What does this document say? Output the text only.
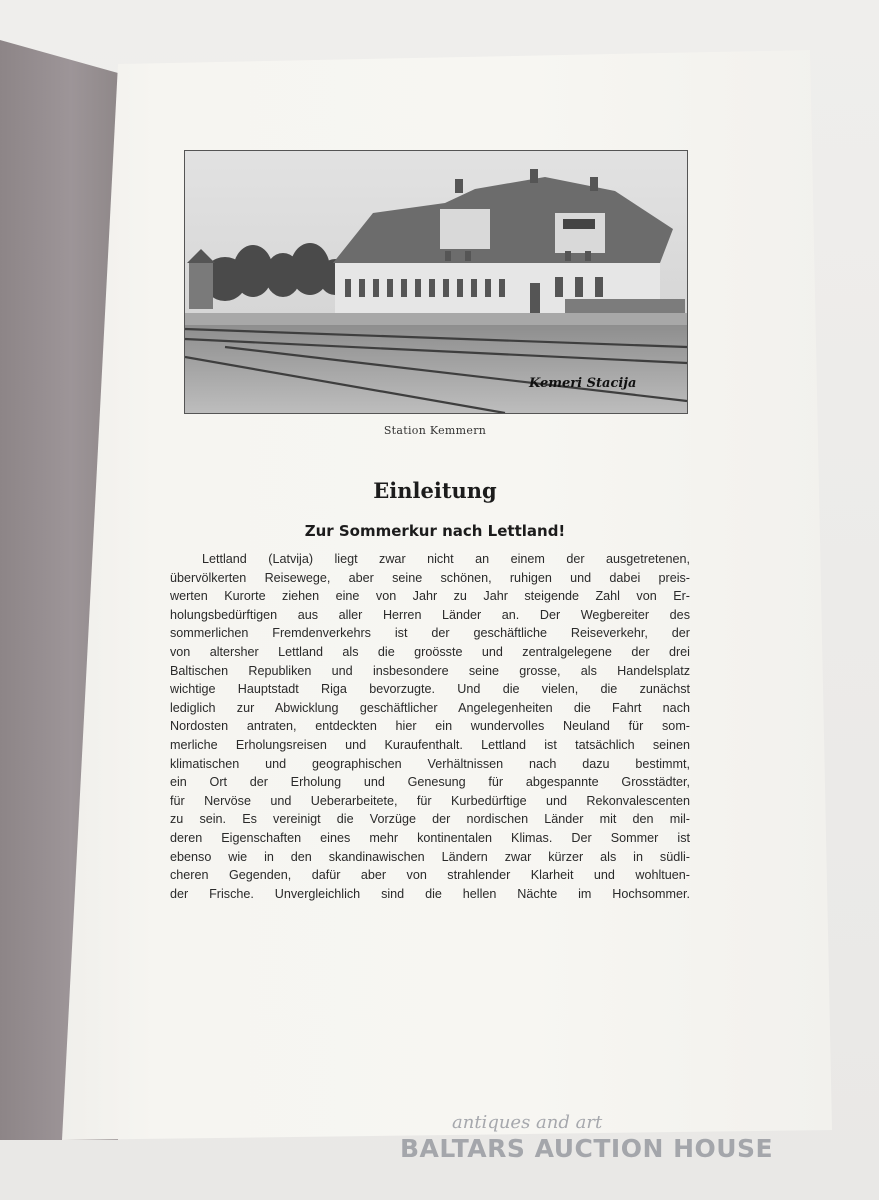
Kemeri Stacija
Station Kemmern
Einleitung
Zur Sommerkur nach Lettland!
Lettland (Latvija) liegt zwar nicht an einem der ausgetretenen,
übervölkerten Reisewege, aber seine schönen, ruhigen und dabei preis-
werten Kurorte ziehen eine von Jahr zu Jahr steigende Zahl von Er-
holungsbedürftigen aus aller Herren Länder an. Der Wegbereiter des
sommerlichen Fremdenverkehrs ist der geschäftliche Reiseverkehr, der
von altersher Lettland als die groösste und zentralgelegene der drei
Baltischen Republiken und insbesondere seine grosse, als Handelsplatz
wichtige Hauptstadt Riga bevorzugte. Und die vielen, die zunächst
lediglich zur Abwicklung geschäftlicher Angelegenheiten die Fahrt nach
Nordosten antraten, entdeckten hier ein wundervolles Neuland für som-
merliche Erholungsreisen und Kuraufenthalt. Lettland ist tatsächlich seinen
klimatischen und geographischen Verhältnissen nach dazu bestimmt,
ein Ort der Erholung und Genesung für abgespannte Grosstädter,
für Nervöse und Ueberarbeitete, für Kurbedürftige und Rekonvalescenten
zu sein. Es vereinigt die Vorzüge der nordischen Länder mit den mil-
deren Eigenschaften eines mehr kontinentalen Klimas. Der Sommer ist
ebenso wie in den skandinawischen Ländern zwar kürzer als in südli-
cheren Gegenden, dafür aber von strahlender Klarheit und wohltuen-
der Frische. Unvergleichlich sind die hellen Nächte im Hochsommer.
antiques and art
BALTARS AUCTION HOUSE
